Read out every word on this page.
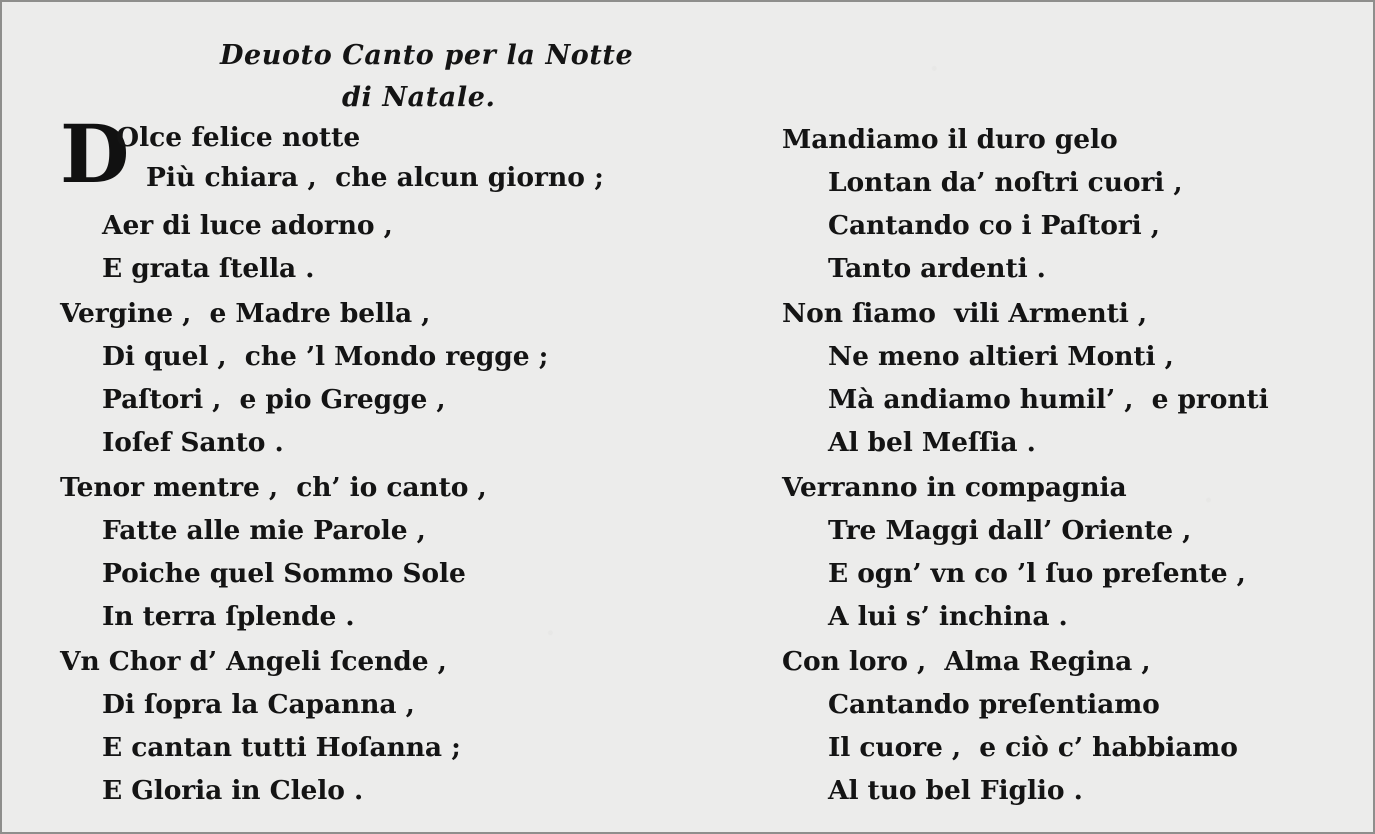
Deuoto Canto per la Notte
di Natale.
D
Olce felice notte
Più chiara ,  che alcun giorno ;
Aer di luce adorno ,
E grata ſtella .
Vergine ,  e Madre bella ,
Di quel ,  che ’l Mondo regge ;
Paſtori ,  e pio Gregge ,
Ioſef Santo .
Tenor mentre ,  ch’ io canto ,
Fatte alle mie Parole ,
Poiche quel Sommo Sole
In terra ſplende .
Vn Chor d’ Angeli ſcende ,
Di ſopra la Capanna ,
E cantan tutti Hoſanna ;
E Gloria in Clelo .
Mandiamo il duro gelo
Lontan da’ noſtri cuori ,
Cantando co i Paſtori ,
Tanto ardenti .
Non ſiamo  vili Armenti ,
Ne meno altieri Monti ,
Mà andiamo humil’ ,  e pronti
Al bel Meſſia .
Verranno in compagnia
Tre Maggi dall’ Oriente ,
E ogn’ vn co ’l ſuo preſente ,
A lui s’ inchina .
Con loro ,  Alma Regina ,
Cantando preſentiamo
Il cuore ,  e ciò c’ habbiamo
Al tuo bel Figlio .
